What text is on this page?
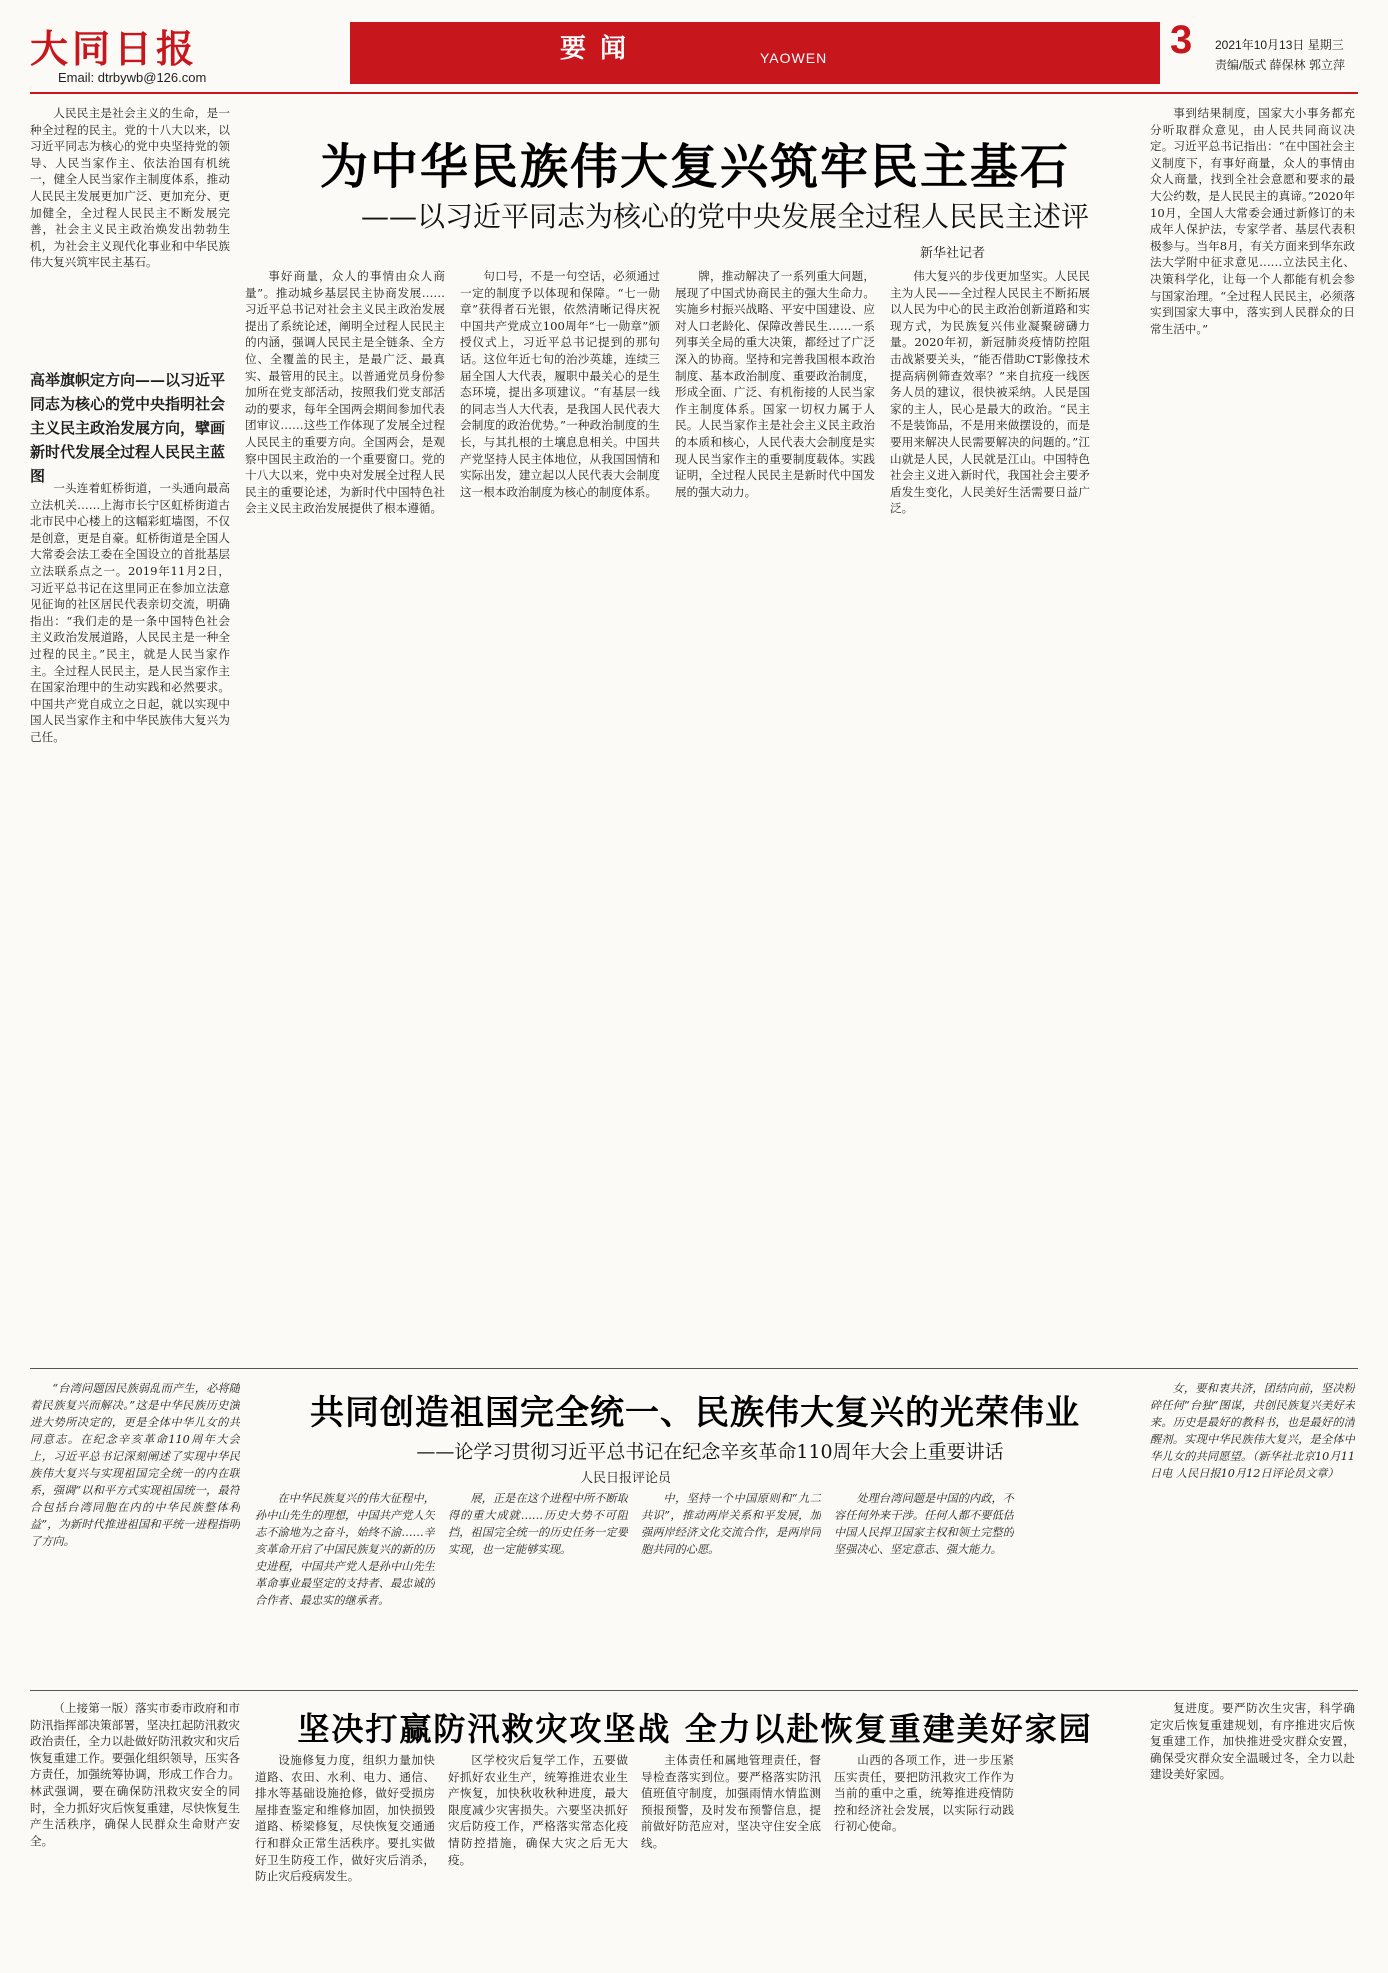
大同日报
Email: dtrbywb@126.com
要闻	YAOWEN	3 2021年10月13日 星期三
责编/版式 薛保林 郭立萍
为中华民族伟大复兴筑牢民主基石
——以习近平同志为核心的党中央发展全过程人民民主述评
新华社记者

人民民主是社会主义的生命，是一种全过程的民主。党的十八大以来，以习近平同志为核心的党中央坚持党的领导、人民当家作主、依法治国有机统一，健全人民当家作主制度体系，推动人民民主发展更加广泛、更加充分、更加健全，全过程人民民主不断发展完善，社会主义民主政治焕发出勃勃生机，为社会主义现代化事业和中华民族伟大复兴筑牢民主基石。

高举旗帜定方向——以习近平同志为核心的党中央指明社会主义民主政治发展方向，擘画新时代发展全过程人民民主蓝图

一头连着虹桥街道，一头通向最高立法机关……上海市长宁区虹桥街道古北市民中心楼上的这幅彩虹墙图，不仅是创意，更是自豪。虹桥街道是全国人大常委会法工委在全国设立的首批基层立法联系点之一。2019年11月2日，习近平总书记在这里同正在参加立法意见征询的社区居民代表亲切交流，明确指出：“我们走的是一条中国特色社会主义政治发展道路，人民民主是一种全过程的民主。”民主，就是人民当家作主。全过程人民民主，是人民当家作主在国家治理中的生动实践和必然要求。中国共产党自成立之日起，就以实现中国人民当家作主和中华民族伟大复兴为己任。

事好商量，众人的事情由众人商量”。推动城乡基层民主协商发展……习近平总书记对社会主义民主政治发展提出了系统论述，阐明全过程人民民主的内涵，强调人民民主是全链条、全方位、全覆盖的民主，是最广泛、最真实、最管用的民主。以普通党员身份参加所在党支部活动，按照我们党支部活动的要求，每年全国两会期间参加代表团审议……这些工作体现了发展全过程人民民主的重要方向。全国两会，是观察中国民主政治的一个重要窗口。党的十八大以来，党中央对发展全过程人民民主的重要论述，为新时代中国特色社会主义民主政治发展提供了根本遵循。

句口号，不是一句空话，必须通过一定的制度予以体现和保障。“七一勋章”获得者石光银，依然清晰记得庆祝中国共产党成立100周年“七一勋章”颁授仪式上，习近平总书记提到的那句话。这位年近七旬的治沙英雄，连续三届全国人大代表，履职中最关心的是生态环境，提出多项建议。“有基层一线的同志当人大代表，是我国人民代表大会制度的政治优势。”一种政治制度的生长，与其扎根的土壤息息相关。中国共产党坚持人民主体地位，从我国国情和实际出发，建立起以人民代表大会制度这一根本政治制度为核心的制度体系。

牌，推动解决了一系列重大问题，展现了中国式协商民主的强大生命力。实施乡村振兴战略、平安中国建设、应对人口老龄化、保障改善民生……一系列事关全局的重大决策，都经过了广泛深入的协商。坚持和完善我国根本政治制度、基本政治制度、重要政治制度，形成全面、广泛、有机衔接的人民当家作主制度体系。国家一切权力属于人民。人民当家作主是社会主义民主政治的本质和核心，人民代表大会制度是实现人民当家作主的重要制度载体。实践证明，全过程人民民主是新时代中国发展的强大动力。

伟大复兴的步伐更加坚实。人民民主为人民——全过程人民民主不断拓展以人民为中心的民主政治创新道路和实现方式，为民族复兴伟业凝聚磅礴力量。2020年初，新冠肺炎疫情防控阻击战紧要关头，“能否借助CT影像技术提高病例筛查效率？”来自抗疫一线医务人员的建议，很快被采纳。人民是国家的主人，民心是最大的政治。“民主不是装饰品，不是用来做摆设的，而是要用来解决人民需要解决的问题的。”江山就是人民，人民就是江山。中国特色社会主义进入新时代，我国社会主要矛盾发生变化，人民美好生活需要日益广泛。

事到结果制度，国家大小事务都充分听取群众意见，由人民共同商议决定。习近平总书记指出：“在中国社会主义制度下，有事好商量，众人的事情由众人商量，找到全社会意愿和要求的最大公约数，是人民民主的真谛。”2020年10月，全国人大常委会通过新修订的未成年人保护法，专家学者、基层代表积极参与。当年8月，有关方面来到华东政法大学附中征求意见……立法民主化、决策科学化，让每一个人都能有机会参与国家治理。“全过程人民民主，必须落实到国家大事中，落实到人民群众的日常生活中。”

共同创造祖国完全统一、民族伟大复兴的光荣伟业
——论学习贯彻习近平总书记在纪念辛亥革命110周年大会上重要讲话
人民日报评论员

“台湾问题因民族弱乱而产生，必将随着民族复兴而解决。”这是中华民族历史演进大势所决定的，更是全体中华儿女的共同意志。在纪念辛亥革命110周年大会上，习近平总书记深刻阐述了实现中华民族伟大复兴与实现祖国完全统一的内在联系，强调“以和平方式实现祖国统一，最符合包括台湾同胞在内的中华民族整体利益”，为新时代推进祖国和平统一进程指明了方向。

在中华民族复兴的伟大征程中，孙中山先生的理想，中国共产党人矢志不渝地为之奋斗，始终不渝……辛亥革命开启了中国民族复兴的新的历史进程，中国共产党人是孙中山先生革命事业最坚定的支持者、最忠诚的合作者、最忠实的继承者。

展，正是在这个进程中所不断取得的重大成就……历史大势不可阻挡，祖国完全统一的历史任务一定要实现，也一定能够实现。

中，坚持一个中国原则和“九二共识”，推动两岸关系和平发展，加强两岸经济文化交流合作，是两岸同胞共同的心愿。

处理台湾问题是中国的内政，不容任何外来干涉。任何人都不要低估中国人民捍卫国家主权和领土完整的坚强决心、坚定意志、强大能力。

女，要和衷共济，团结向前，坚决粉碎任何“台独”图谋，共创民族复兴美好未来。历史是最好的教科书，也是最好的清醒剂。实现中华民族伟大复兴，是全体中华儿女的共同愿望。（新华社北京10月11日电 人民日报10月12日评论员文章）

坚决打赢防汛救灾攻坚战 全力以赴恢复重建美好家园

（上接第一版）落实市委市政府和市防汛指挥部决策部署，坚决扛起防汛救灾政治责任，全力以赴做好防汛救灾和灾后恢复重建工作。要强化组织领导，压实各方责任，加强统筹协调，形成工作合力。林武强调，要在确保防汛救灾安全的同时，全力抓好灾后恢复重建，尽快恢复生产生活秩序，确保人民群众生命财产安全。

设施修复力度，组织力量加快道路、农田、水利、电力、通信、排水等基础设施抢修，做好受损房屋排查鉴定和维修加固，加快损毁道路、桥梁修复，尽快恢复交通通行和群众正常生活秩序。要扎实做好卫生防疫工作，做好灾后消杀，防止灾后疫病发生。

区学校灾后复学工作，五要做好抓好农业生产，统筹推进农业生产恢复，加快秋收秋种进度，最大限度减少灾害损失。六要坚决抓好灾后防疫工作，严格落实常态化疫情防控措施，确保大灾之后无大疫。

主体责任和属地管理责任，督导检查落实到位。要严格落实防汛值班值守制度，加强雨情水情监测预报预警，及时发布预警信息，提前做好防范应对，坚决守住安全底线。

山西的各项工作，进一步压紧压实责任，要把防汛救灾工作作为当前的重中之重，统筹推进疫情防控和经济社会发展，以实际行动践行初心使命。

复进度。要严防次生灾害，科学确定灾后恢复重建规划，有序推进灾后恢复重建工作，加快推进受灾群众安置，确保受灾群众安全温暖过冬，全力以赴建设美好家园。
